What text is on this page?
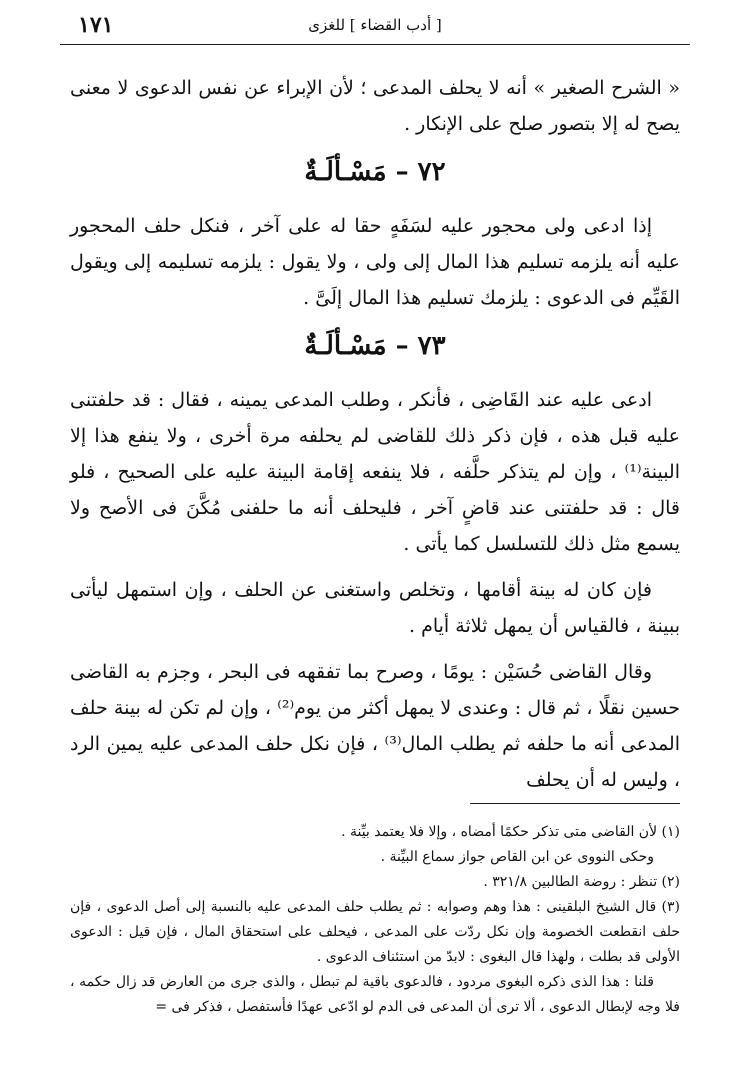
١٧١	[ أدب القضاء ] للغزى

« الشرح الصغير » أنه لا يحلف المدعى ؛ لأن الإبراء عن نفس الدعوى لا معنى يصح له إلا بتصور صلح على الإنكار .

٧٢ – مَسْـألَـةٌ

إذا ادعى ولى محجور عليه لسَفَهٍ حقا له على آخر ، فنكل حلف المحجور عليه أنه يلزمه تسليم هذا المال إلى ولى ، ولا يقول : يلزمه تسليمه إلى ويقول القَيِّم فى الدعوى : يلزمك تسليم هذا المال إلَىَّ .

٧٣ – مَسْـألَـةٌ

ادعى عليه عند القَاضِى ، فأنكر ، وطلب المدعى يمينه ، فقال : قد حلفتنى عليه قبل هذه ، فإن ذكر ذلك للقاضى لم يحلفه مرة أخرى ، ولا ينفع هذا إلا البينة⁽¹⁾ ، وإن لم يتذكر حلَّفه ، فلا ينفعه إقامة البينة عليه على الصحيح ، فلو قال : قد حلفتنى عند قاضٍ آخر ، فليحلف أنه ما حلفنى مُكَّنَ فى الأصح ولا يسمع مثل ذلك للتسلسل كما يأتى .

فإن كان له بينة أقامها ، وتخلص واستغنى عن الحلف ، وإن استمهل ليأتى ببينة ، فالقياس أن يمهل ثلاثة أيام .

وقال القاضى حُسَيْن : يومًا ، وصرح بما تفقهه فى البحر ، وجزم به القاضى حسين نقلًا ، ثم قال : وعندى لا يمهل أكثر من يوم⁽²⁾ ، وإن لم تكن له بينة حلف المدعى أنه ما حلفه ثم يطلب المال⁽³⁾ ، فإن نكل حلف المدعى عليه يمين الرد ، وليس له أن يحلف

(١) لأن القاضى متى تذكر حكمًا أمضاه ، وإلا فلا يعتمد بيِّنة .

وحكى النووى عن ابن القاص جواز سماع البيِّنة .

(٢) تنظر : روضة الطالبين ٣٢١/٨ .

(٣) قال الشيخ البلقينى : هذا وهم وصوابه : ثم يطلب حلف المدعى عليه بالنسبة إلى أصل الدعوى ، فإن حلف انقطعت الخصومة وإن نكل ردّت على المدعى ، فيحلف على استحقاق المال ، فإن قيل : الدعوى الأولى قد بطلت ، ولهذا قال البغوى : لابدّ من استئناف الدعوى .

قلنا : هذا الذى ذكره البغوى مردود ، فالدعوى باقية لم تبطل ، والذى جرى من العارض قد زال حكمه ، فلا وجه لإبطال الدعوى ، ألا ترى أن المدعى فى الدم لو ادّعى عهدًا فأستفصل ، فذكر فى =
